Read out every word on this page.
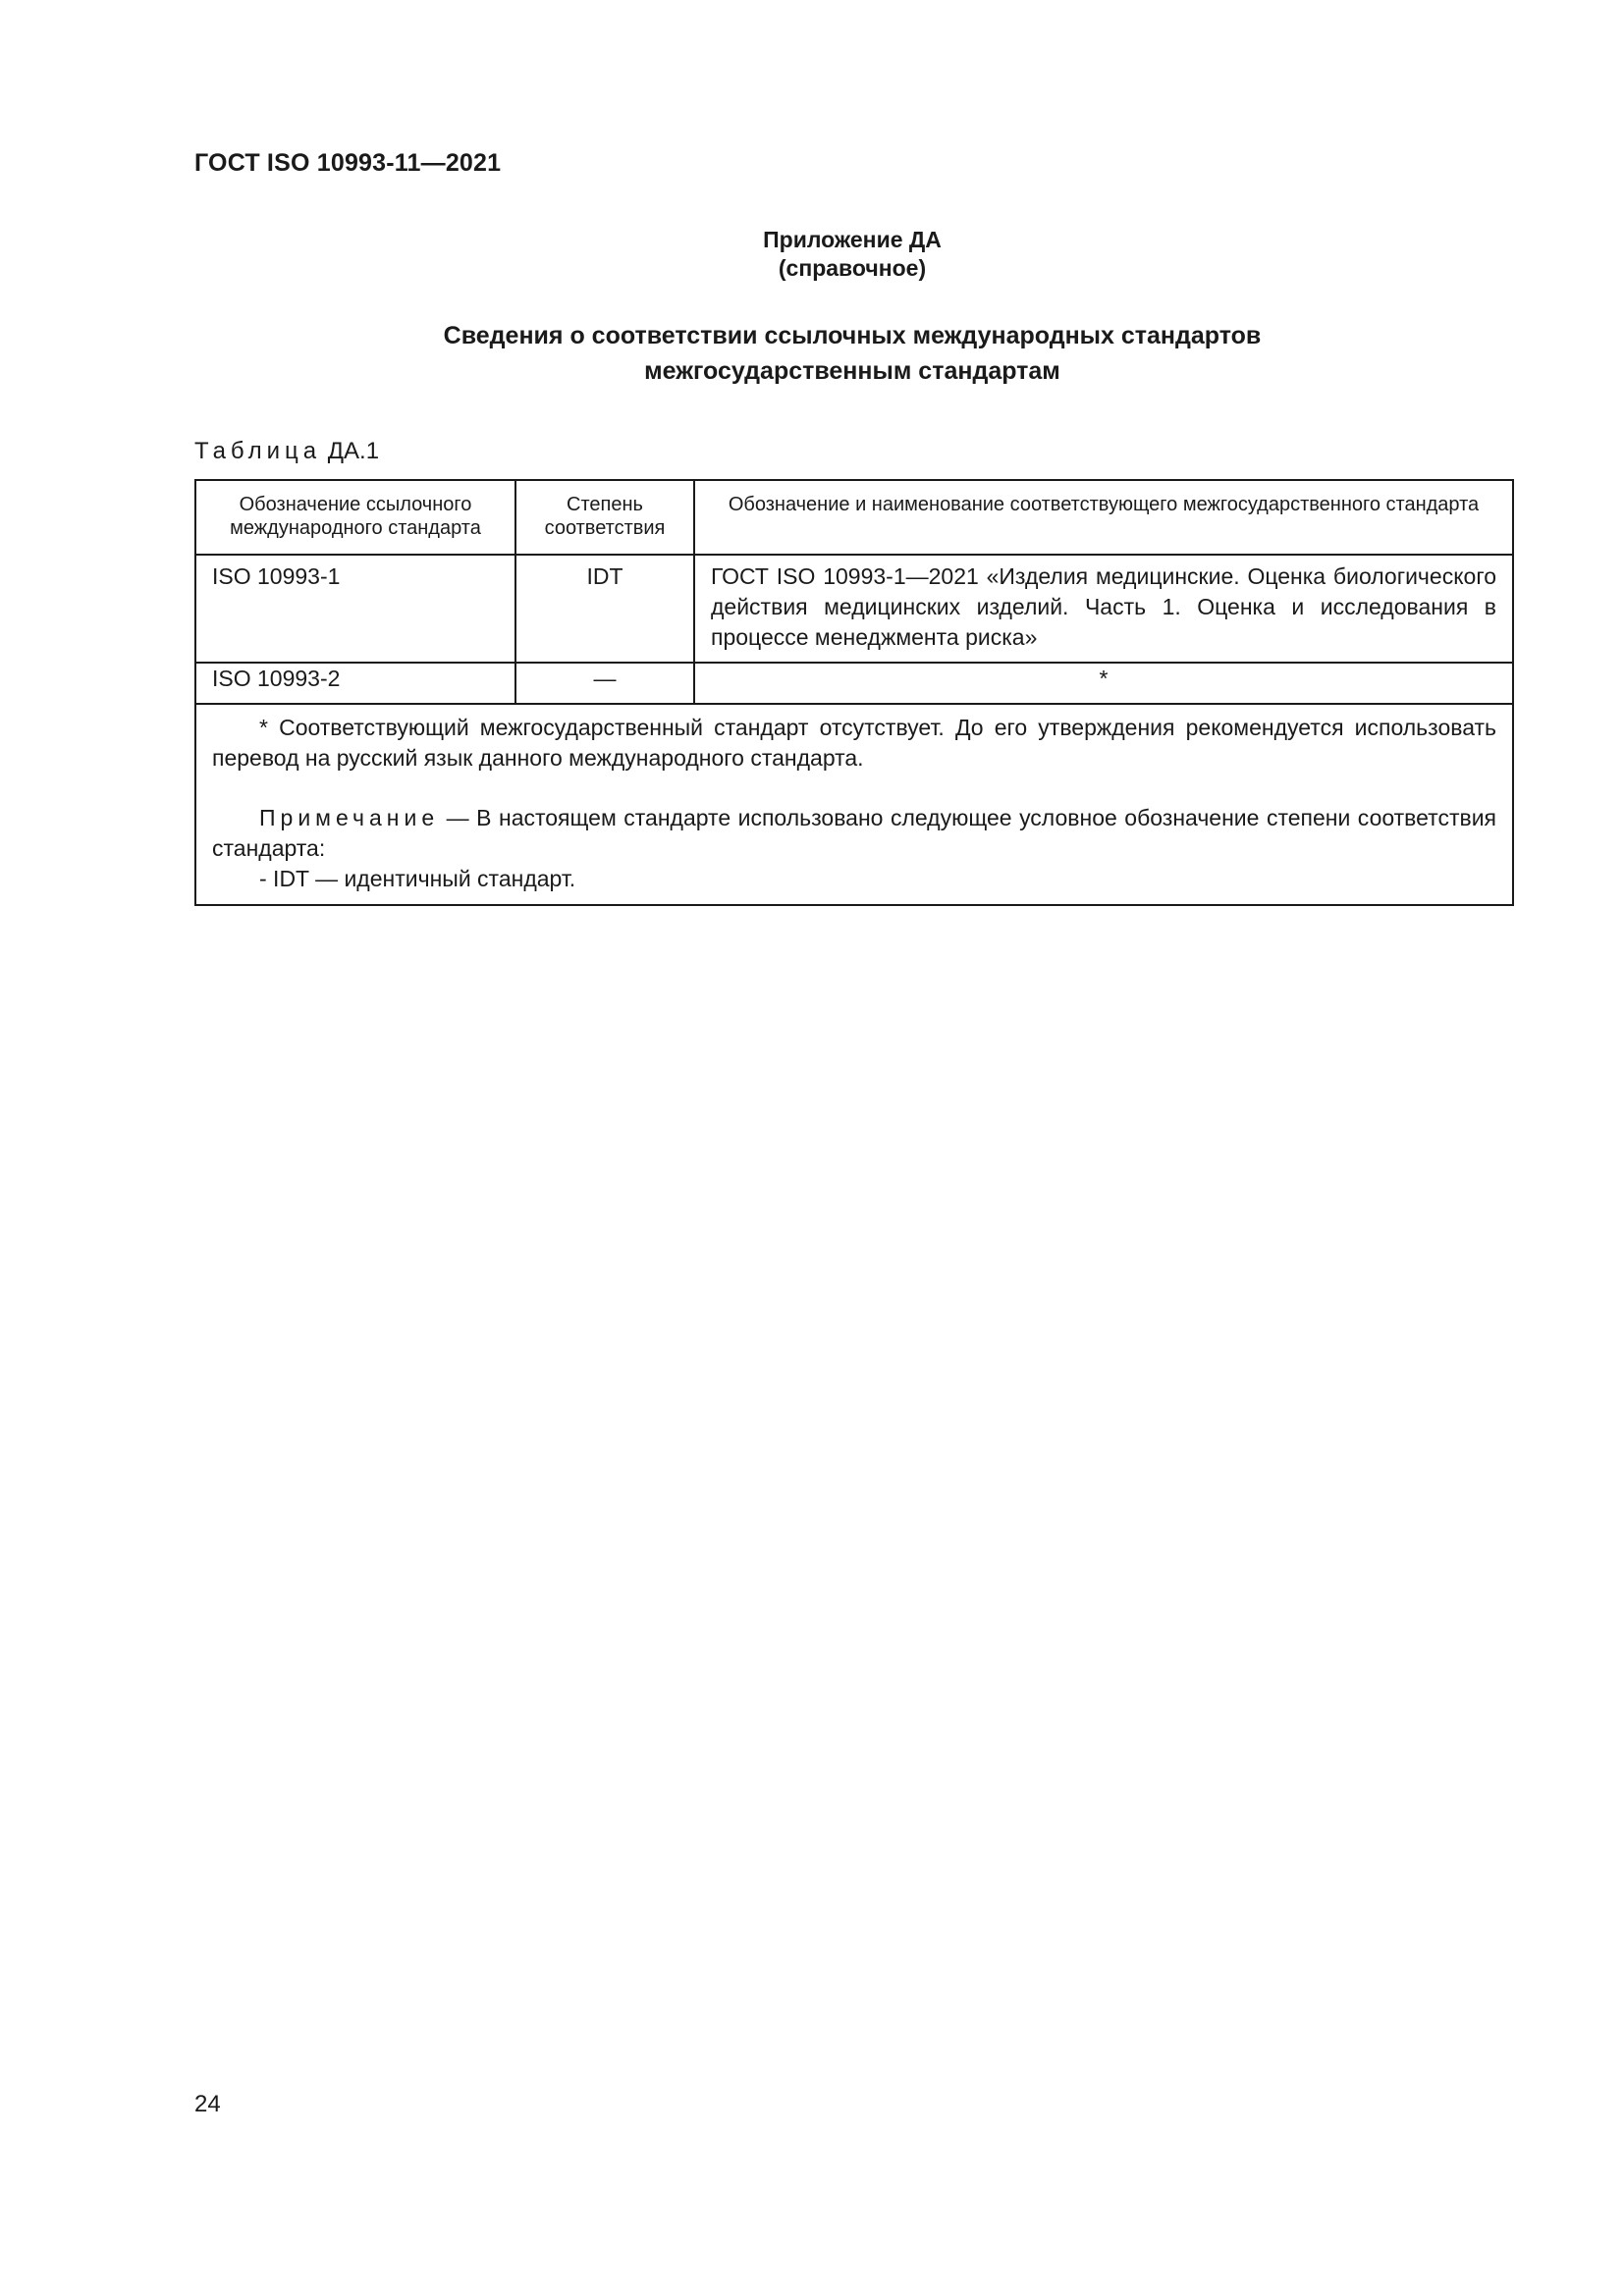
ГОСТ ISO 10993-11—2021
Приложение ДА
(справочное)
Сведения о соответствии ссылочных международных стандартов
межгосударственным стандартам
Таблица ДА.1
Обозначение ссылочного международного стандарта	Степень соответствия	Обозначение и наименование соответствующего межгосударственного стандарта
ISO 10993-1	IDT	ГОСТ ISO 10993-1—2021 «Изделия медицинские. Оценка биологического действия медицинских изделий. Часть 1. Оценка и исследования в процессе менеджмента риска»
ISO 10993-2	—	*

* Соответствующий межгосударственный стандарт отсутствует. До его утверждения рекомендуется использовать перевод на русский язык данного международного стандарта.

Примечание — В настоящем стандарте использовано следующее условное обозначение степени соответствия стандарта:

- IDT — идентичный стандарт.		

24
